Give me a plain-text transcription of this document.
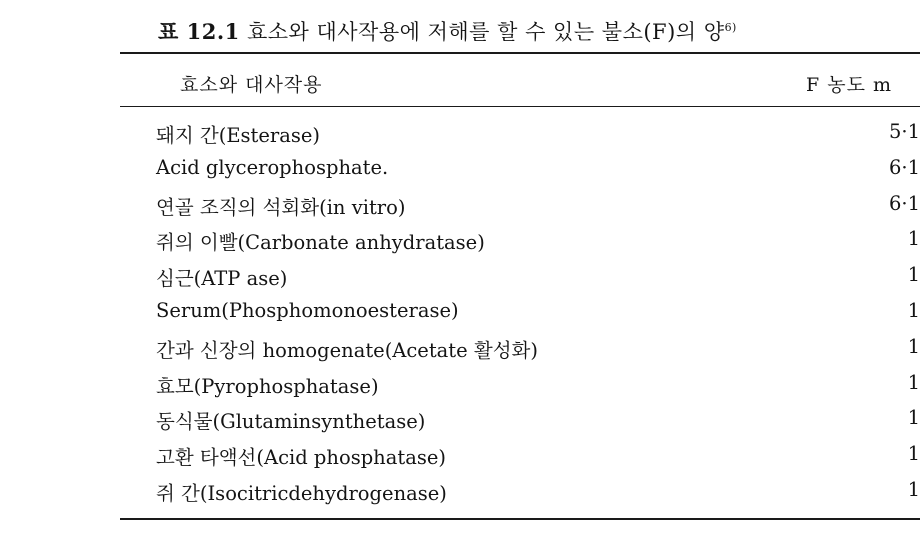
표 12.1 효소와 대사작용에 저해를 할 수 있는 불소(F)의 양$^{6)}$
효소와 대사작용	F 농도 m
돼지 간(Esterase)	5·1
Acid glycerophosphate.	6·1
연골 조직의 석회화(in vitro)	6·1
쥐의 이빨(Carbonate anhydratase)	1
심근(ATP ase)	1
Serum(Phosphomonoesterase)	1
간과 신장의 homogenate(Acetate 활성화)	1
효모(Pyrophosphatase)	1
동식물(Glutaminsynthetase)	1
고환 타액선(Acid phosphatase)	1
쥐 간(Isocitricdehydrogenase)	1
